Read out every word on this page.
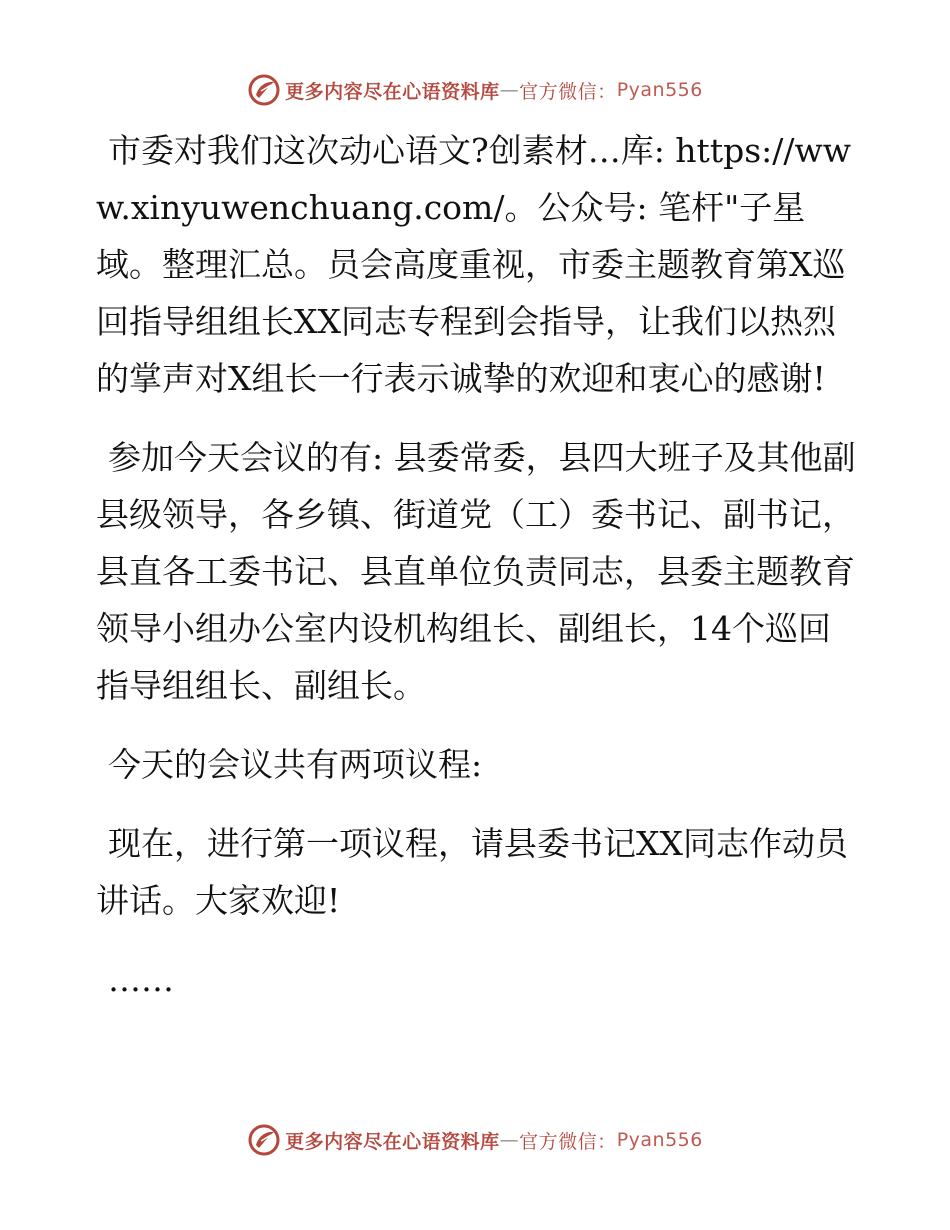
更多内容尽在心语资料库 — 官方微信： Pyan556

市委对我们这次动心语文?创素材…库: https://www.xinyuwenchuang.com/。公众号: 笔杆"子星域。整理汇总。员会高度重视，市委主题教育第X巡回指导组组长XX同志专程到会指导，让我们以热烈的掌声对X组长一行表示诚挚的欢迎和衷心的感谢!

参加今天会议的有: 县委常委，县四大班子及其他副县级领导，各乡镇、街道党（工）委书记、副书记，县直各工委书记、县直单位负责同志，县委主题教育领导小组办公室内设机构组长、副组长，14个巡回指导组组长、副组长。

今天的会议共有两项议程:

现在，进行第一项议程，请县委书记XX同志作动员讲话。大家欢迎!

……

更多内容尽在心语资料库 — 官方微信： Pyan556
